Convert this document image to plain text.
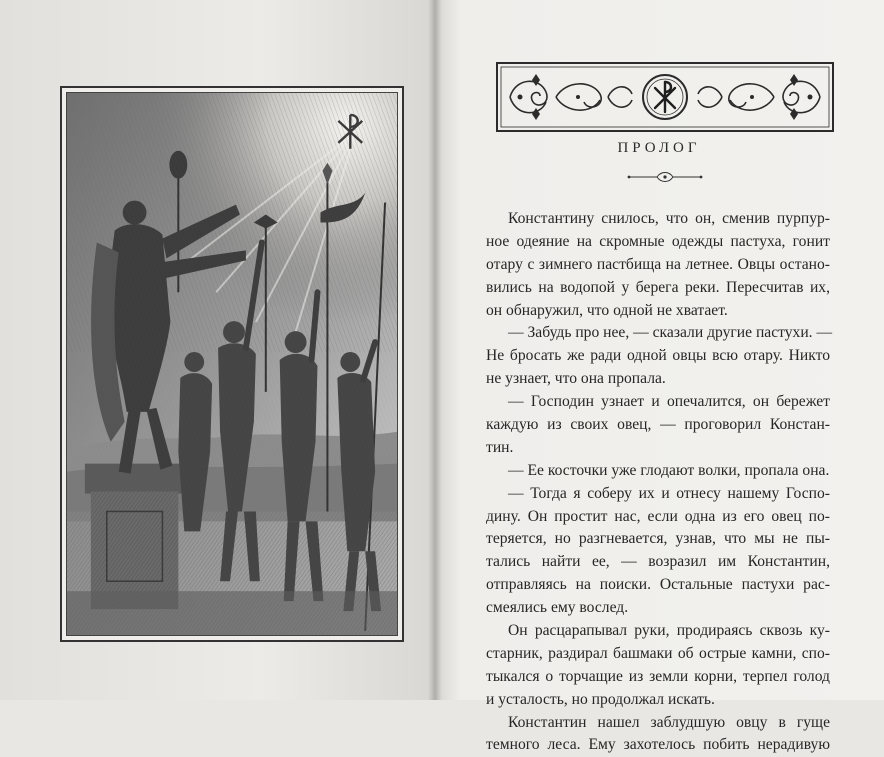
ПРОЛОГ
Константину снилось, что он, сменив пурпур-
ное одеяние на скромные одежды пастуха, гонит
отару с зимнего пастбища на летнее. Овцы остано-
вились на водопой у берега реки. Пересчитав их,
он обнаружил, что одной не хватает.
— Забудь про нее, — сказали другие пастухи. —
Не бросать же ради одной овцы всю отару. Никто
не узнает, что она пропала.
— Господин узнает и опечалится, он бережет
каждую из своих овец, — проговорил Констан-
тин.
— Ее косточки уже глодают волки, пропала она.
— Тогда я соберу их и отнесу нашему Госпо-
дину. Он простит нас, если одна из его овец по-
теряется, но разгневается, узнав, что мы не пы-
тались найти ее, — возразил им Константин,
отправляясь на поиски. Остальные пастухи рас-
смеялись ему вослед.
Он расцарапывал руки, продираясь сквозь ку-
старник, раздирал башмаки об острые камни, спо-
тыкался о торчащие из земли корни, терпел голод
и усталость, но продолжал искать.
Константин нашел заблудшую овцу в гуще
темного леса. Ему захотелось побить нерадивую
